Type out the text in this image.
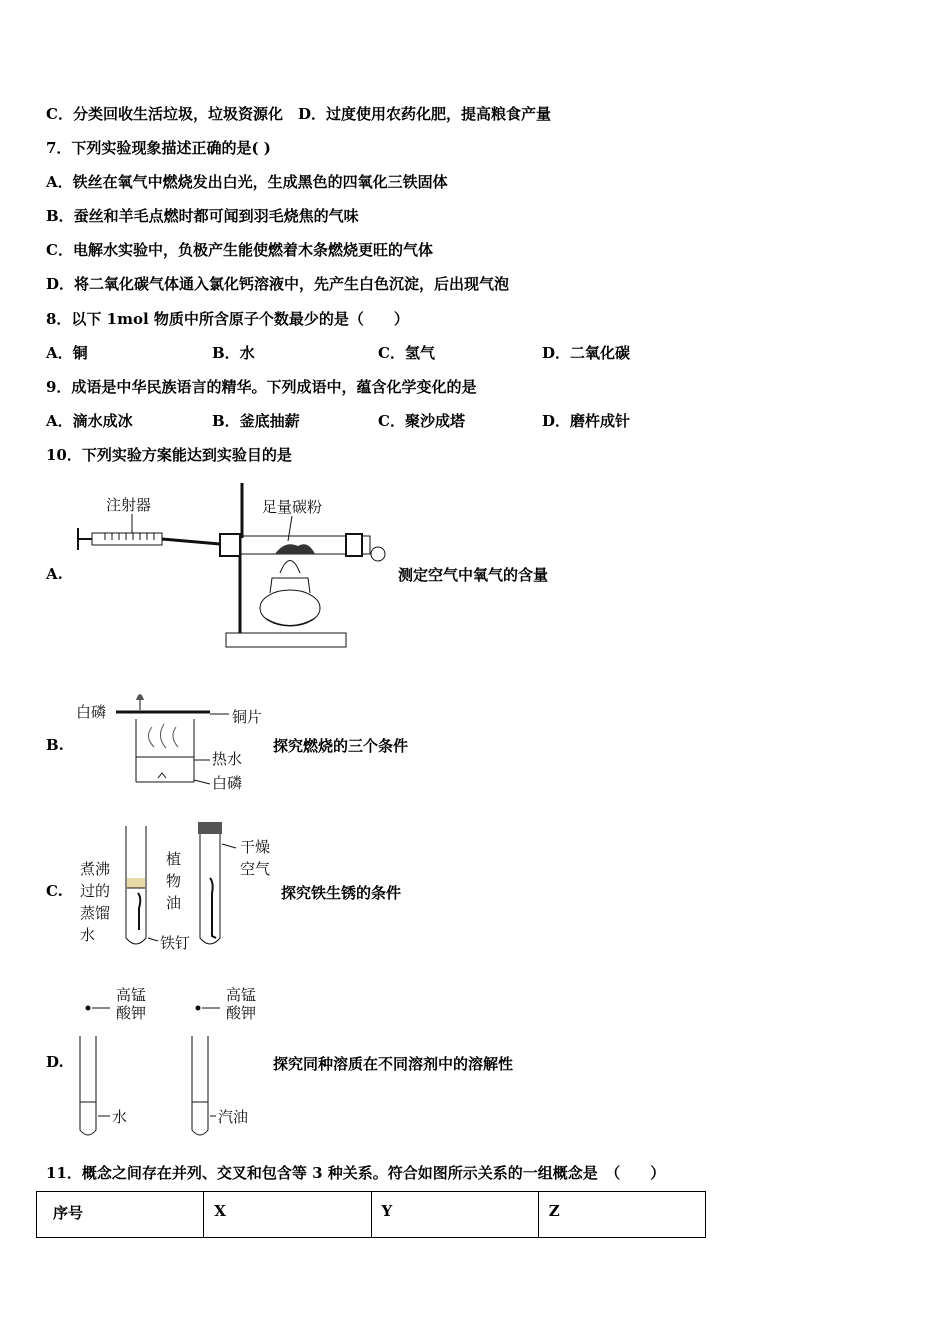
C．分类回收生活垃圾，垃圾资源化　D．过度使用农药化肥，提高粮食产量
7．下列实验现象描述正确的是( )
A．铁丝在氧气中燃烧发出白光，生成黑色的四氧化三铁固体
B．蚕丝和羊毛点燃时都可闻到羽毛烧焦的气味
C．电解水实验中，负极产生能使燃着木条燃烧更旺的气体
D．将二氧化碳气体通入氯化钙溶液中，先产生白色沉淀，后出现气泡
8．以下 1mol 物质中所含原子个数最少的是（　　）
A．铜	B．水	C．氢气	D．二氧化碳
9．成语是中华民族语言的精华。下列成语中，蕴含化学变化的是
A．滴水成冰	B．釜底抽薪	C．聚沙成塔	D．磨杵成针
10．下列实验方案能达到实验目的是
A.
注射器	足量碳粉
测定空气中氧气的含量
B.
白磷	铜片
热水
白磷
探究燃烧的三个条件
C.
煮沸
过的
蒸馏
水
植
物
油
铁钉
干燥
空气
探究铁生锈的条件
D.
高锰
酸钾
高锰
酸钾
水	汽油
探究同种溶质在不同溶剂中的溶解性
11．概念之间存在并列、交叉和包含等 3 种关系。符合如图所示关系的一组概念是　（　　）
序号	X	Y	Z
